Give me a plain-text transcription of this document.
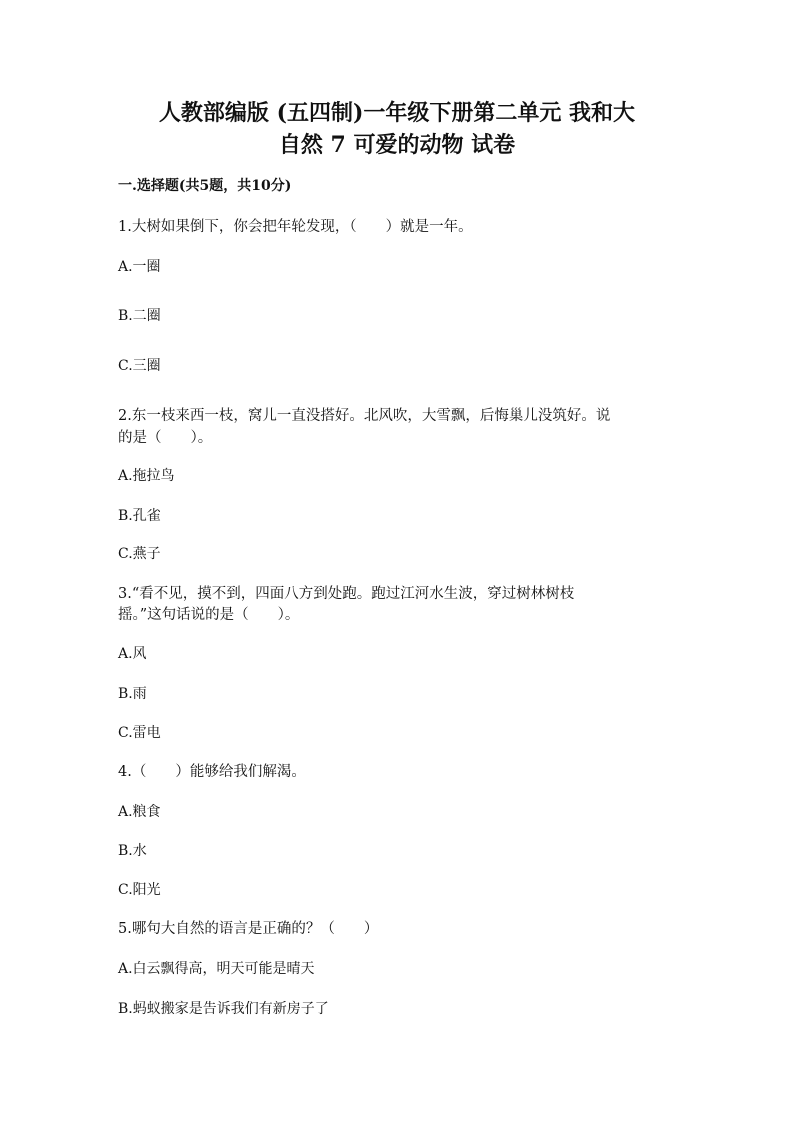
人教部编版 (五四制)一年级下册第二单元 我和大
自然 7 可爱的动物 试卷
一.选择题(共5题，共10分)
1.大树如果倒下，你会把年轮发现，（　　）就是一年。
A.一圈
B.二圈
C.三圈
2.东一枝来西一枝，窝儿一直没搭好。北风吹，大雪飘，后悔巢儿没筑好。说
的是（　　）。
A.拖拉鸟
B.孔雀
C.燕子
3.“看不见，摸不到，四面八方到处跑。跑过江河水生波，穿过树林树枝
摇。”这句话说的是（　　）。
A.风
B.雨
C.雷电
4.（　　）能够给我们解渴。
A.粮食
B.水
C.阳光
5.哪句大自然的语言是正确的？（　　）
A.白云飘得高，明天可能是晴天
B.蚂蚁搬家是告诉我们有新房子了
